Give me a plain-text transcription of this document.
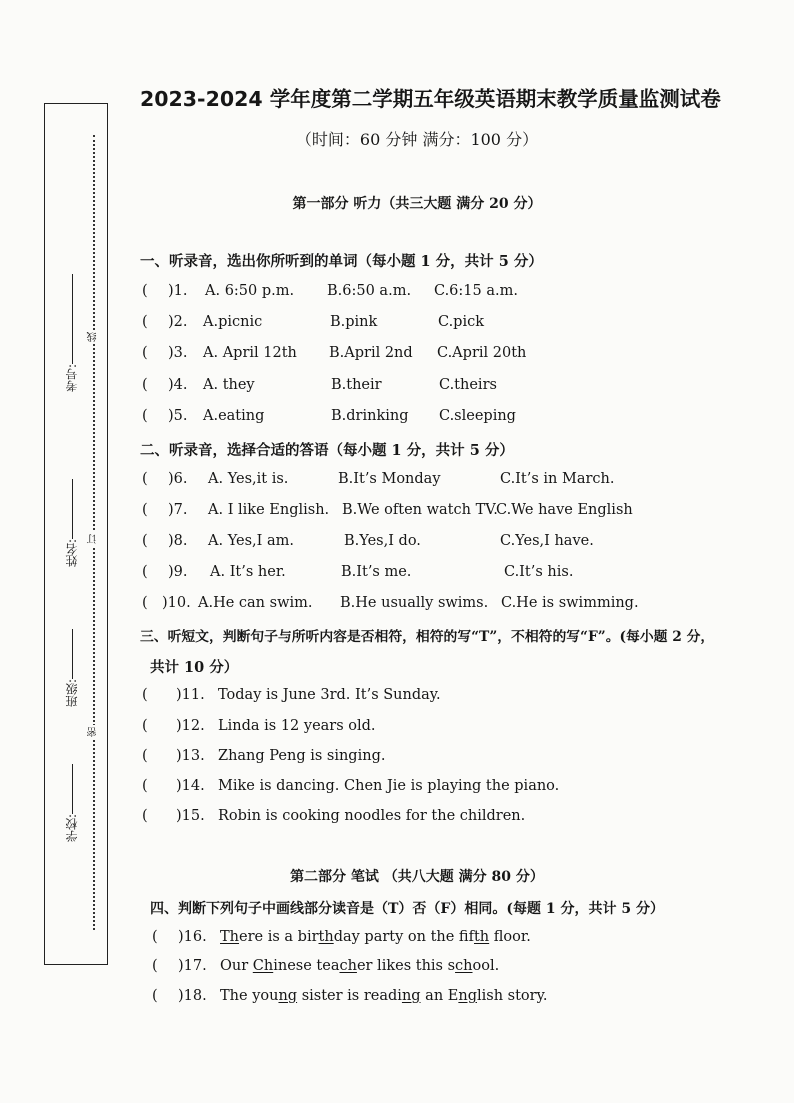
考号:
姓名:
班级:
学校:
线
订
密
2023-2024 学年度第二学期五年级英语期末教学质量监测试卷
（时间：60 分钟 满分：100 分）
第一部分 听力（共三大题 满分 20 分）
一、听录音，选出你所听到的单词（每小题 1 分，共计 5 分）
( )1. A. 6:50 p.m. B.6:50 a.m. C.6:15 a.m.
( )2. A.picnic	B.pink	C.pick
( )3. A. April 12th B.April 2nd C.April 20th
( )4. A. they	B.their	C.theirs
( )5. A.eating	B.drinking C.sleeping
二、听录音，选择合适的答语（每小题 1 分，共计 5 分）
( )6. A. Yes,it is.	B.It’s Monday	C.It’s in March.
( )7. A. I like English. B.We often watch TV.
C.We have English
( )8. A. Yes,I am.	B.Yes,I do.	C.Yes,I have.
( )9. A. It’s her.	B.It’s me.	C.It’s his.
( )10. A.He can swim. B.He usually swims. C.He is swimming.
三、听短文，判断句子与所听内容是否相符，相符的写“T”，不相符的写“F”。(每小题 2 分，
共计 10 分）
( )11. Today is June 3rd. It’s Sunday.
( )12. Linda is 12 years old.
( )13. Zhang Peng is singing.
( )14. Mike is dancing. Chen Jie is playing the piano.
( )15. Robin is cooking noodles for the children.
第二部分 笔试 （共八大题 满分 80 分）
四、判断下列句子中画线部分读音是（T）否（F）相同。(每题 1 分，共计 5 分）
( )16. There is a birthday party on the fifth floor.
( )17. Our Chinese teacher likes this school.
( )18. The young sister is reading an English story.
